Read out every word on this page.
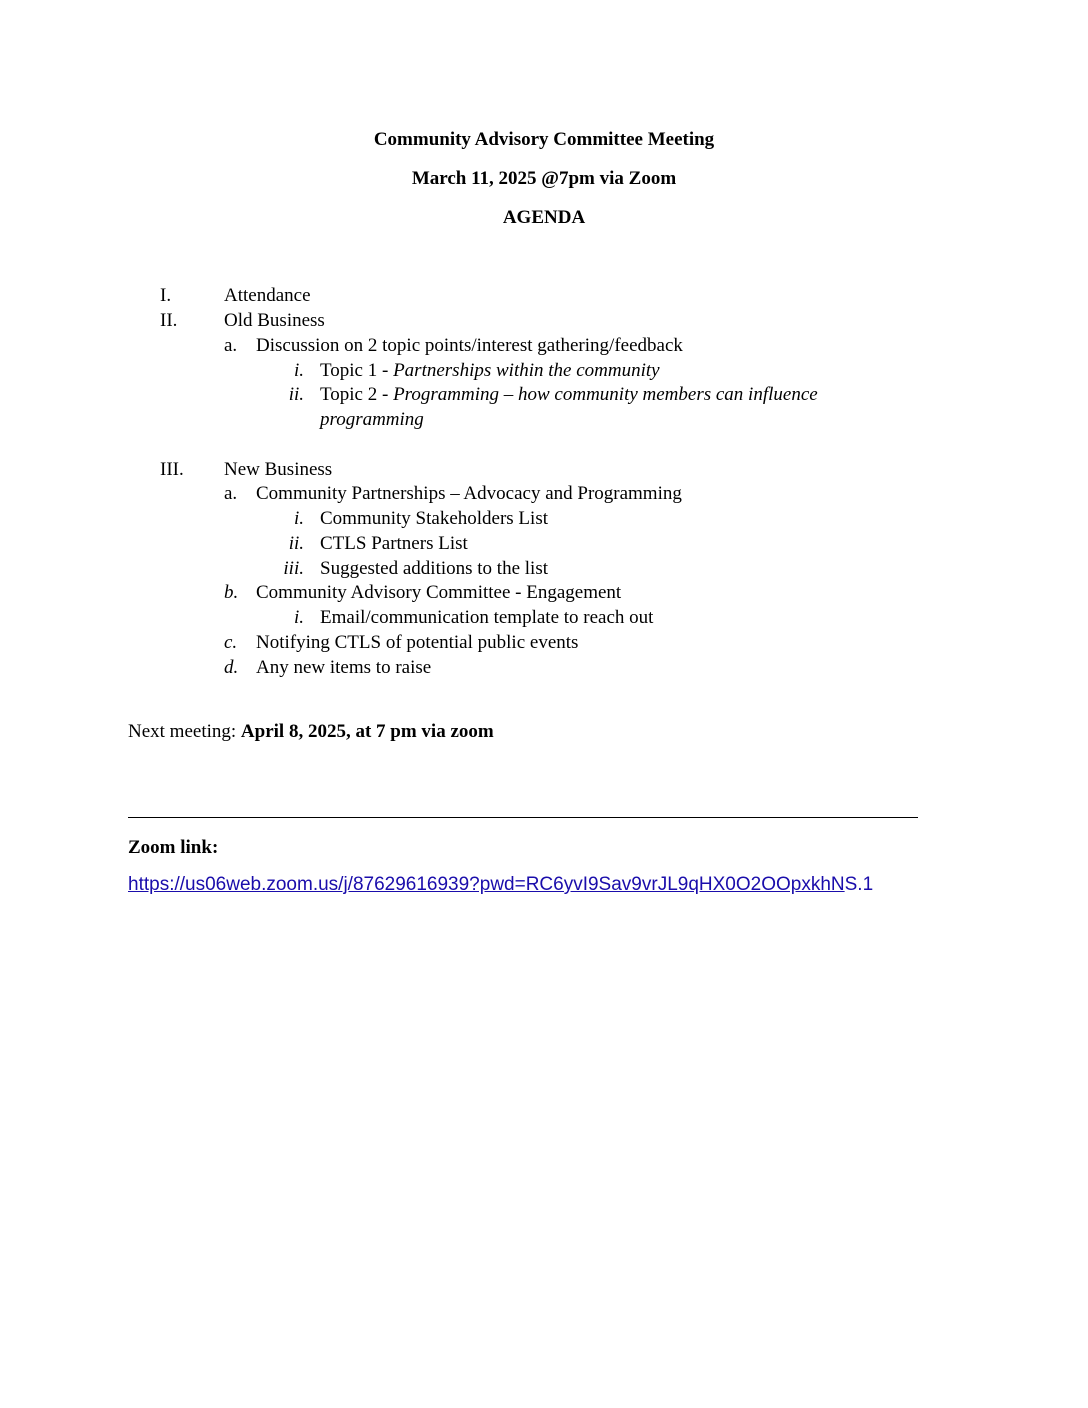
Community Advisory Committee Meeting
March 11, 2025 @7pm via Zoom
AGENDA
I.	Attendance
II. Old Business
a. Discussion on 2 topic points/interest gathering/feedback
i. Topic 1 - Partnerships within the community
ii. Topic 2 - Programming – how community members can influence
programming
III. New Business
a. Community Partnerships – Advocacy and Programming
i. Community Stakeholders List
ii. CTLS Partners List
iii. Suggested additions to the list
b. Community Advisory Committee - Engagement
i. Email/communication template to reach out
c. Notifying CTLS of potential public events
d. Any new items to raise
Next meeting: April 8, 2025, at 7 pm via zoom
Zoom link:
https://us06web.zoom.us/j/87629616939?pwd=RC6yvI9Sav9vrJL9qHX0O2OOpxkhNS.1
